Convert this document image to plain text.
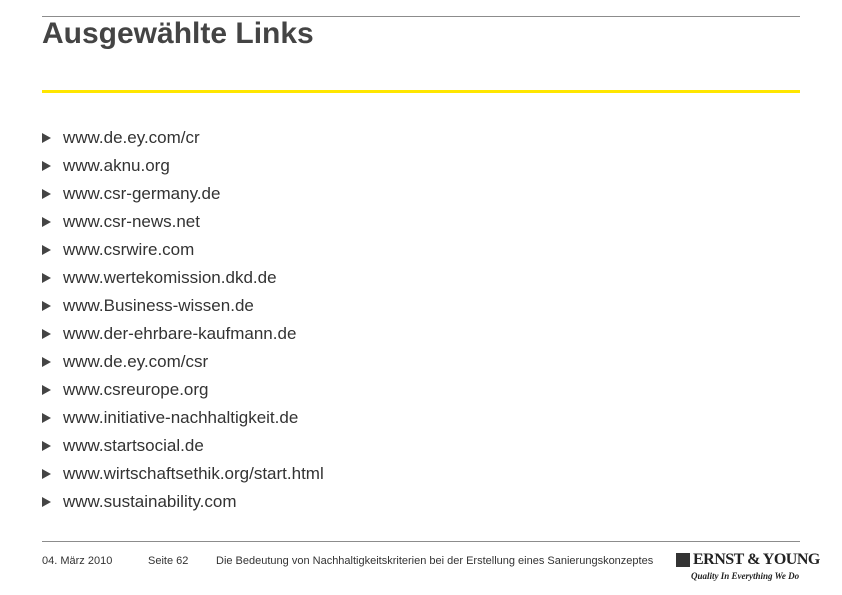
Ausgewählte Links
www.de.ey.com/cr
www.aknu.org
www.csr-germany.de
www.csr-news.net
www.csrwire.com
www.wertekomission.dkd.de
www.Business-wissen.de
www.der-ehrbare-kaufmann.de
www.de.ey.com/csr
www.csreurope.org
www.initiative-nachhaltigkeit.de
www.startsocial.de
www.wirtschaftsethik.org/start.html
www.sustainability.com
04. März 2010	Seite 62	Die Bedeutung von Nachhaltigkeitskriterien bei der Erstellung eines Sanierungskonzeptes ERNST & YOUNG
Quality In Everything We Do
